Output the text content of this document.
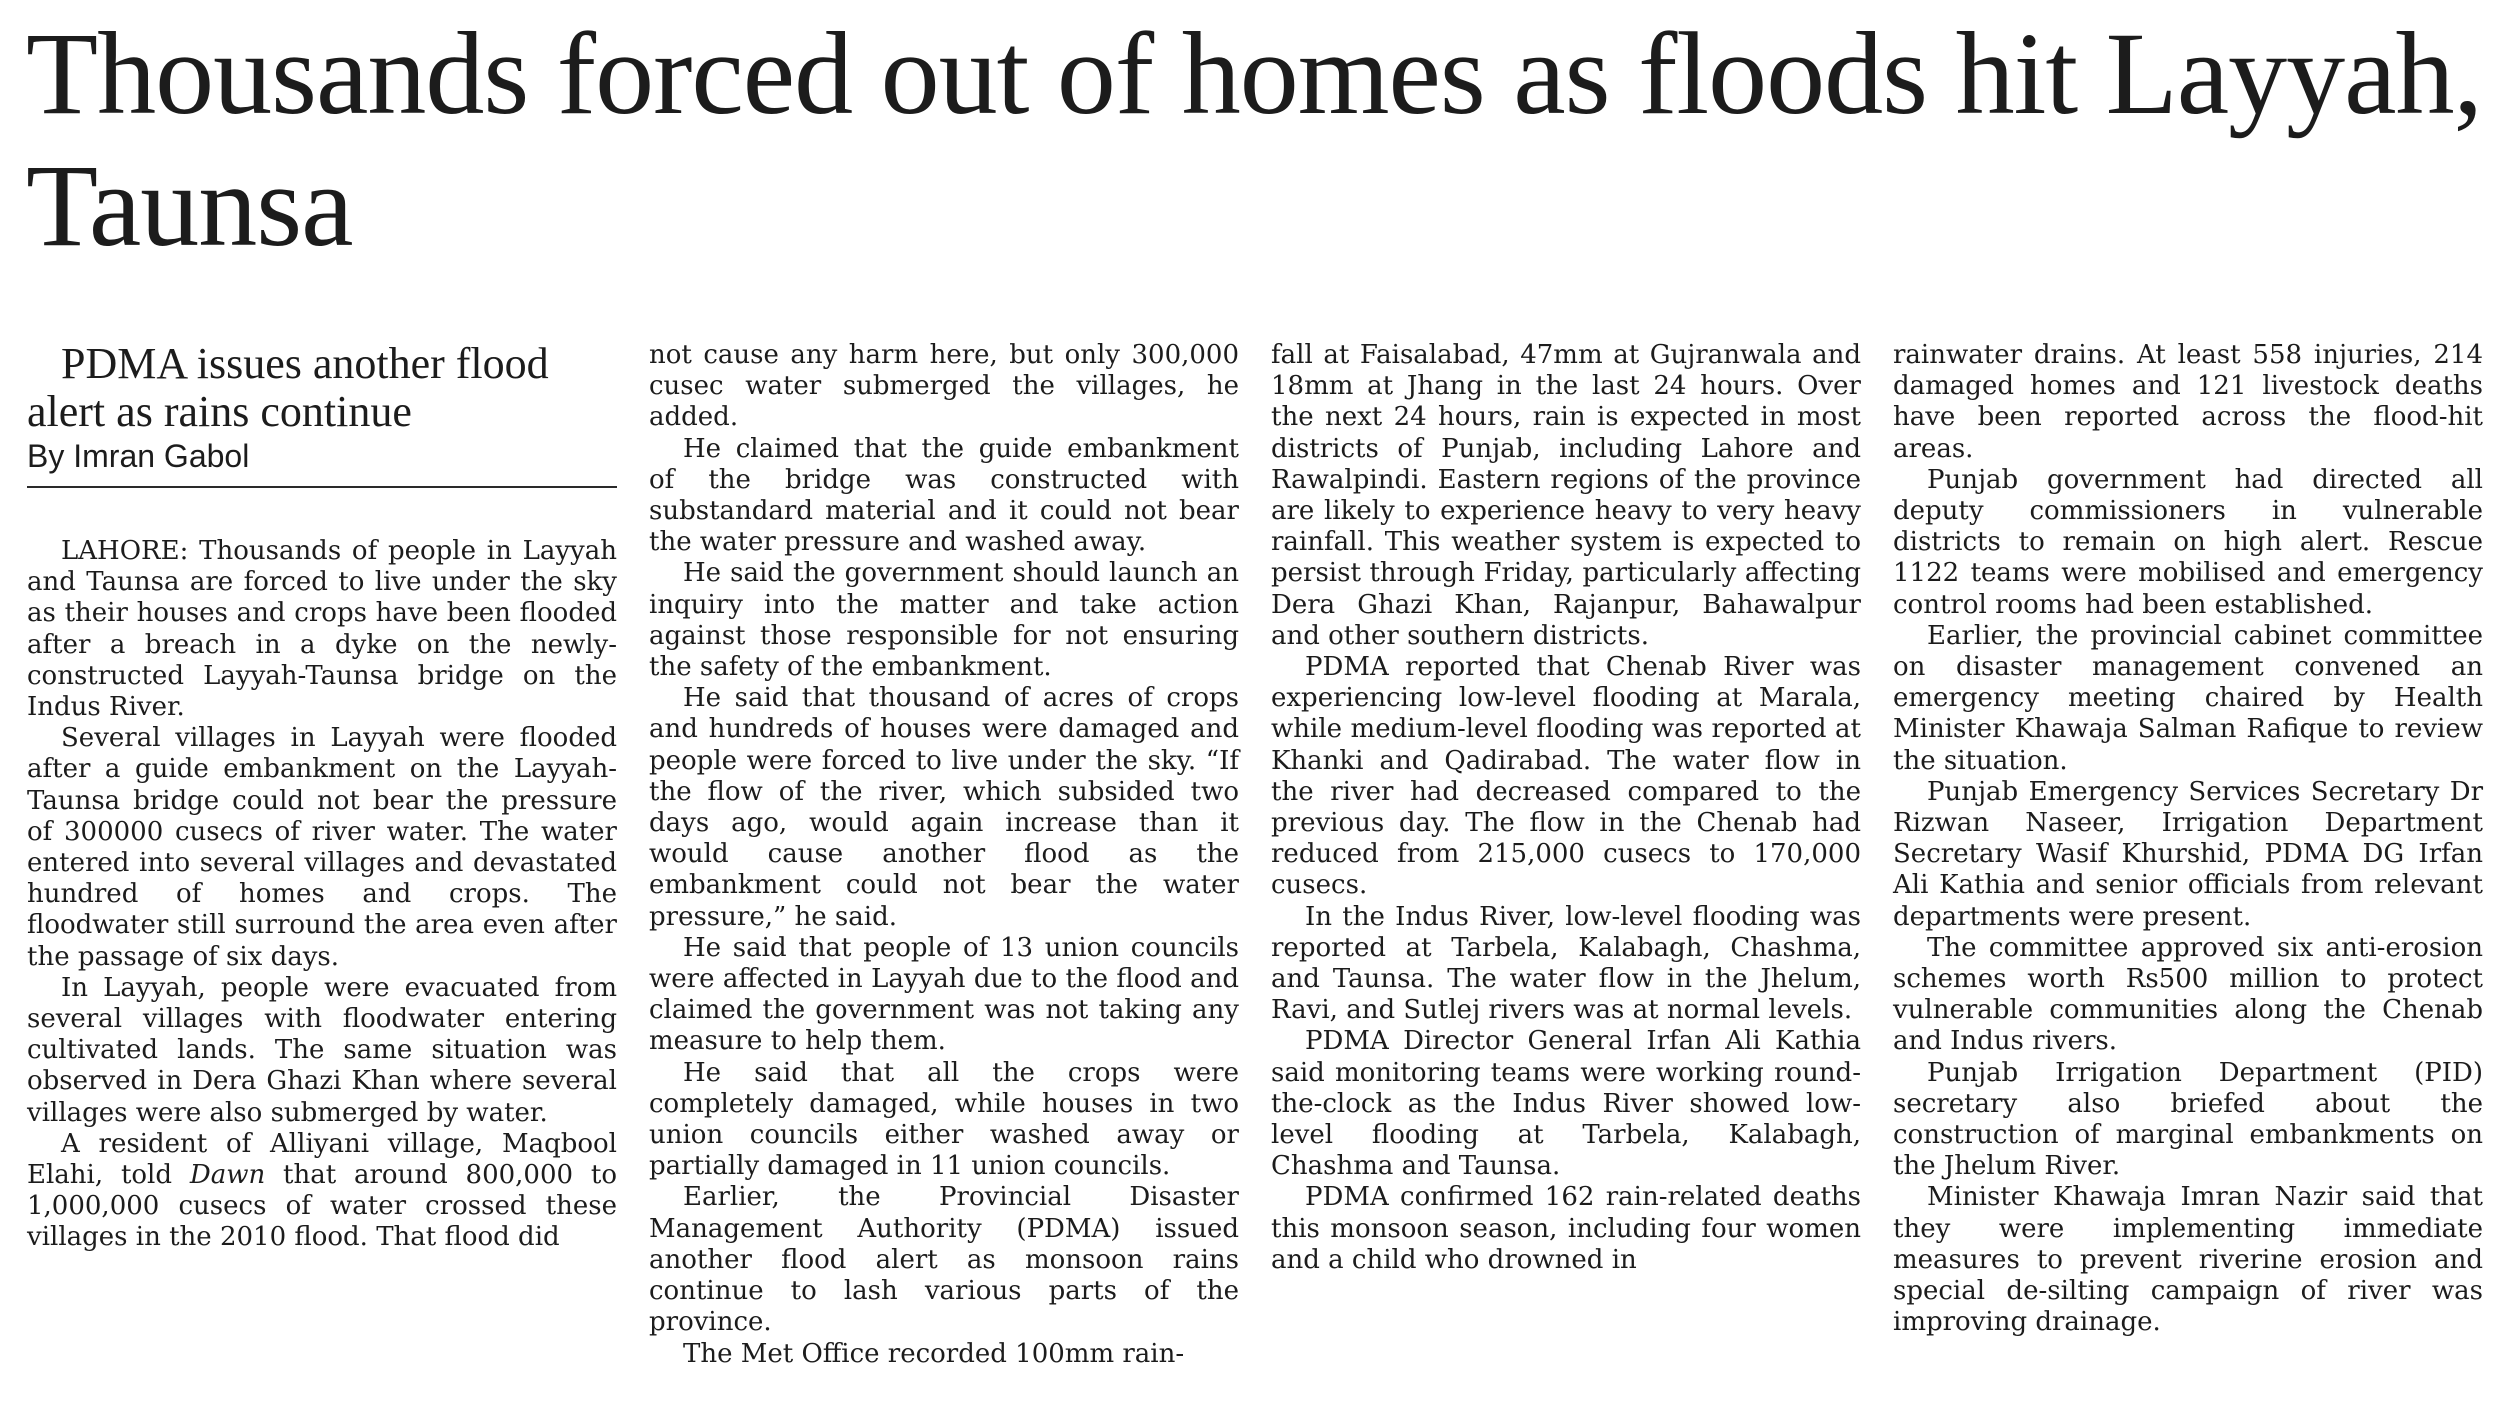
Thousands forced out of homes as floods hit Layyah, Taunsa

PDMA issues another flood alert as rains continue

By Imran Gabol

LAHORE: Thousands of people in Layyah and Taunsa are forced to live under the sky as their houses and crops have been flooded after a breach in a dyke on the newly-constructed Layyah-Taunsa bridge on the Indus River.

Several villages in Layyah were flooded after a guide embankment on the Layyah-Taunsa bridge could not bear the pressure of 300000 cusecs of river water. The water entered into several villages and devastated hundred of homes and crops. The floodwater still surround the area even after the passage of six days.

In Layyah, people were evacuated from several villages with floodwater entering cultivated lands. The same situation was observed in Dera Ghazi Khan where several villages were also submerged by water.

A resident of Alliyani village, Maqbool Elahi, told Dawn that around 800,000 to 1,000,000 cusecs of water crossed these villages in the 2010 flood. That flood did

not cause any harm here, but only 300,000 cusec water submerged the villages, he added.

He claimed that the guide embankment of the bridge was constructed with substandard material and it could not bear the water pressure and washed away.

He said the government should launch an inquiry into the matter and take action against those responsible for not ensuring the safety of the embankment.

He said that thousand of acres of crops and hundreds of houses were damaged and people were forced to live under the sky. “If the flow of the river, which subsided two days ago, would again increase than it would cause another flood as the embankment could not bear the water pressure,” he said.

He said that people of 13 union councils were affected in Layyah due to the flood and claimed the government was not taking any measure to help them.

He said that all the crops were completely damaged, while houses in two union councils either washed away or partially damaged in 11 union councils.

Earlier, the Provincial Disaster Management Authority (PDMA) issued another flood alert as monsoon rains continue to lash various parts of the province.

The Met Office recorded 100mm rain-

fall at Faisalabad, 47mm at Gujranwala and 18mm at Jhang in the last 24 hours. Over the next 24 hours, rain is expected in most districts of Punjab, including Lahore and Rawalpindi. Eastern regions of the province are likely to experience heavy to very heavy rainfall. This weather system is expected to persist through Friday, particularly affecting Dera Ghazi Khan, Rajanpur, Bahawalpur and other southern districts.

PDMA reported that Chenab River was experiencing low-level flooding at Marala, while medium-level flooding was reported at Khanki and Qadirabad. The water flow in the river had decreased compared to the previous day. The flow in the Chenab had reduced from 215,000 cusecs to 170,000 cusecs.

In the Indus River, low-level flooding was reported at Tarbela, Kalabagh, Chashma, and Taunsa. The water flow in the Jhelum, Ravi, and Sutlej rivers was at normal levels.

PDMA Director General Irfan Ali Kathia said monitoring teams were working round-the-clock as the Indus River showed low-level flooding at Tarbela, Kalabagh, Chashma and Taunsa.

PDMA confirmed 162 rain-related deaths this monsoon season, including four women and a child who drowned in

rainwater drains. At least 558 injuries, 214 damaged homes and 121 livestock deaths have been reported across the flood-hit areas.

Punjab government had directed all deputy commissioners in vulnerable districts to remain on high alert. Rescue 1122 teams were mobilised and emergency control rooms had been established.

Earlier, the provincial cabinet committee on disaster management convened an emergency meeting chaired by Health Minister Khawaja Salman Rafique to review the situation.

Punjab Emergency Services Secretary Dr Rizwan Naseer, Irrigation Department Secretary Wasif Khurshid, PDMA DG Irfan Ali Kathia and senior officials from relevant departments were present.

The committee approved six anti-erosion schemes worth Rs500 million to protect vulnerable communities along the Chenab and Indus rivers.

Punjab Irrigation Department (PID) secretary also briefed about the construction of marginal embankments on the Jhelum River.

Minister Khawaja Imran Nazir said that they were implementing immediate measures to prevent riverine erosion and special de-silting campaign of river was improving drainage.
